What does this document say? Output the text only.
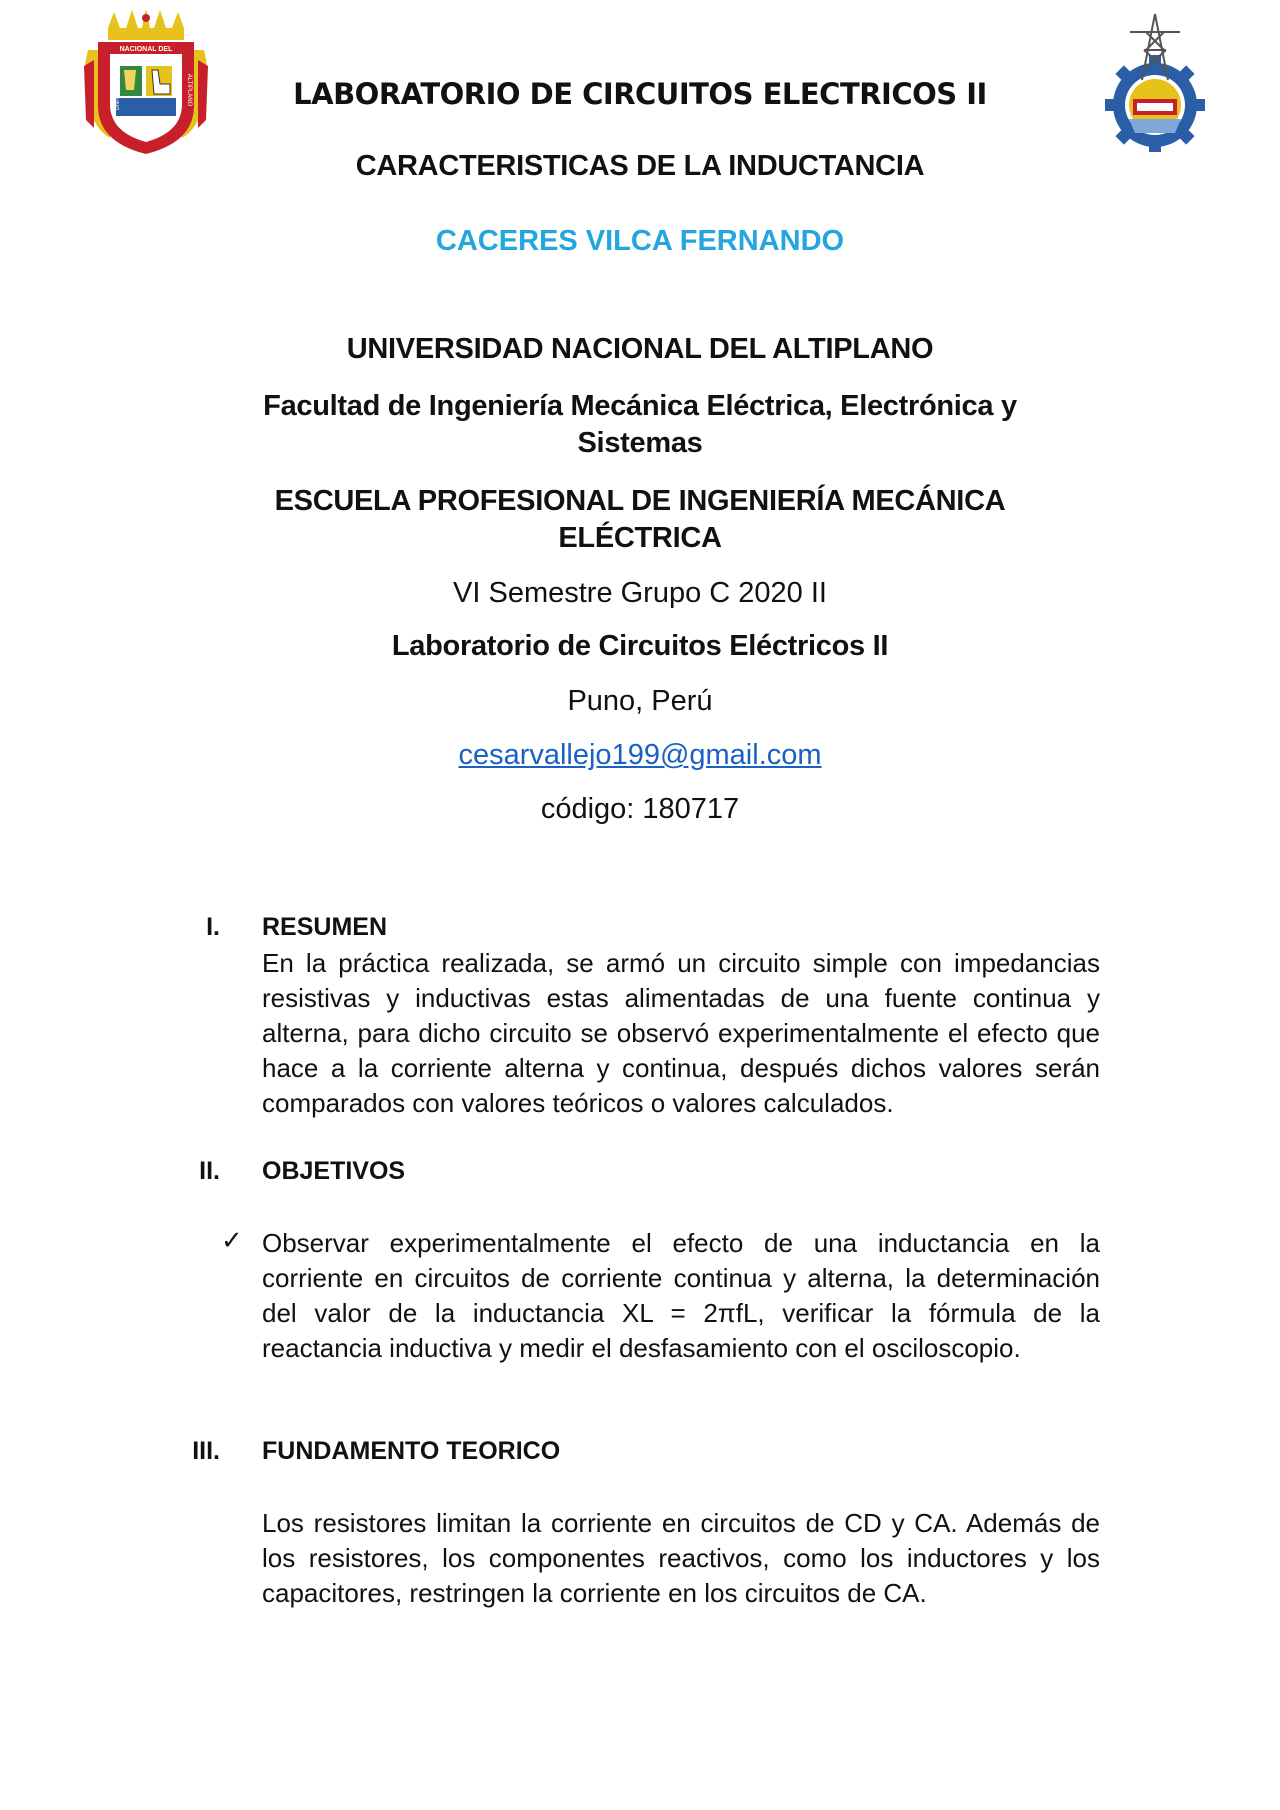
NACIONAL DEL
PUNO
UNIVERSIDAD	ALTIPLANO	LABORATORIO DE CIRCUITOS ELECTRICOS II
CARACTERISTICAS DE LA INDUCTANCIA
CACERES VILCA FERNANDO
UNIVERSIDAD NACIONAL DEL ALTIPLANO
Facultad de Ingeniería Mecánica Eléctrica, Electrónica y Sistemas
ESCUELA PROFESIONAL DE INGENIERÍA MECÁNICA ELÉCTRICA
VI Semestre Grupo C 2020 II
Laboratorio de Circuitos Eléctricos II
Puno, Perú
cesarvallejo199@gmail.com
código: 180717
I. RESUMEN
En la práctica realizada, se armó un circuito simple con impedancias resistivas y inductivas estas alimentadas de una fuente continua y alterna, para dicho circuito se observó experimentalmente el efecto que hace a la corriente alterna y continua, después dichos valores serán comparados con valores teóricos o valores calculados.
II. OBJETIVOS
✓ Observar experimentalmente el efecto de una inductancia en la corriente en circuitos de corriente continua y alterna, la determinación del valor de la inductancia XL = 2πfL, verificar la fórmula de la reactancia inductiva y medir el desfasamiento con el osciloscopio.
III. FUNDAMENTO TEORICO
Los resistores limitan la corriente en circuitos de CD y CA. Además de los resistores, los componentes reactivos, como los inductores y los capacitores, restringen la corriente en los circuitos de CA.
